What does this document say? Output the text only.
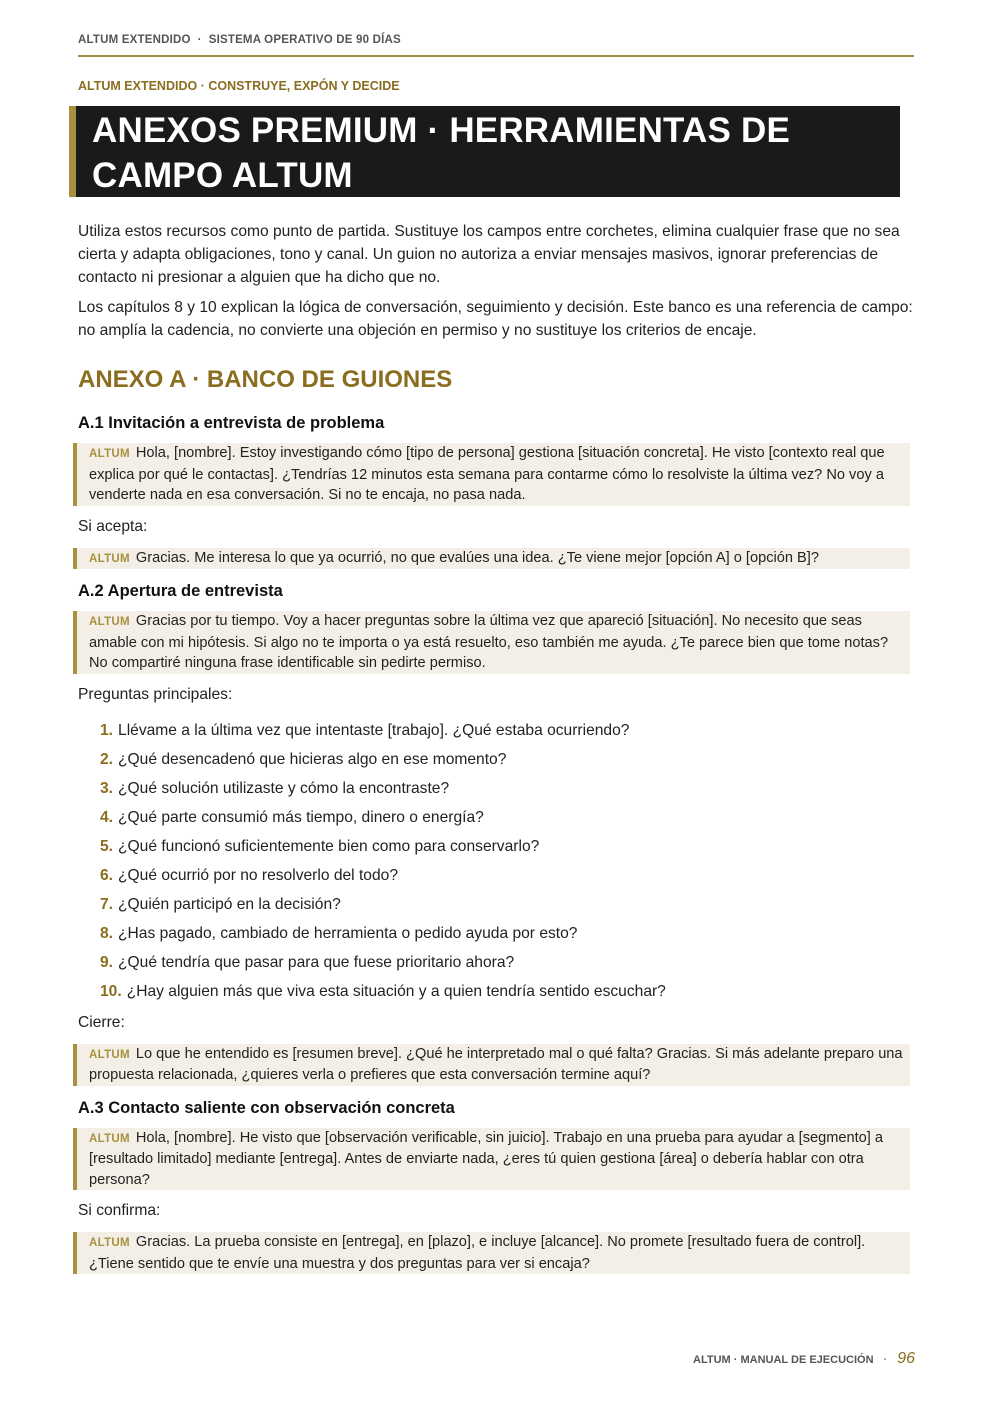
ALTUM EXTENDIDO · SISTEMA OPERATIVO DE 90 DÍAS
ALTUM EXTENDIDO · CONSTRUYE, EXPÓN Y DECIDE
ANEXOS PREMIUM · HERRAMIENTAS DE CAMPO ALTUM

Utiliza estos recursos como punto de partida. Sustituye los campos entre corchetes, elimina cualquier frase que no sea cierta y adapta obligaciones, tono y canal. Un guion no autoriza a enviar mensajes masivos, ignorar preferencias de contacto ni presionar a alguien que ha dicho que no.

Los capítulos 8 y 10 explican la lógica de conversación, seguimiento y decisión. Este banco es una referencia de campo: no amplía la cadencia, no convierte una objeción en permiso y no sustituye los criterios de encaje.

ANEXO A · BANCO DE GUIONES
A.1 Invitación a entrevista de problema
ALTUM Hola, [nombre]. Estoy investigando cómo [tipo de persona] gestiona [situación concreta]. He visto [contexto real que explica por qué le contactas]. ¿Tendrías 12 minutos esta semana para contarme cómo lo resolviste la última vez? No voy a venderte nada en esa conversación. Si no te encaja, no pasa nada.
Si acepta:
ALTUM Gracias. Me interesa lo que ya ocurrió, no que evalúes una idea. ¿Te viene mejor [opción A] o [opción B]?
A.2 Apertura de entrevista
ALTUM Gracias por tu tiempo. Voy a hacer preguntas sobre la última vez que apareció [situación]. No necesito que seas amable con mi hipótesis. Si algo no te importa o ya está resuelto, eso también me ayuda. ¿Te parece bien que tome notas? No compartiré ninguna frase identificable sin pedirte permiso.
Preguntas principales:
1. Llévame a la última vez que intentaste [trabajo]. ¿Qué estaba ocurriendo?
2. ¿Qué desencadenó que hicieras algo en ese momento?
3. ¿Qué solución utilizaste y cómo la encontraste?
4. ¿Qué parte consumió más tiempo, dinero o energía?
5. ¿Qué funcionó suficientemente bien como para conservarlo?
6. ¿Qué ocurrió por no resolverlo del todo?
7. ¿Quién participó en la decisión?
8. ¿Has pagado, cambiado de herramienta o pedido ayuda por esto?
9. ¿Qué tendría que pasar para que fuese prioritario ahora?
10. ¿Hay alguien más que viva esta situación y a quien tendría sentido escuchar?
Cierre:
ALTUM Lo que he entendido es [resumen breve]. ¿Qué he interpretado mal o qué falta? Gracias. Si más adelante preparo una propuesta relacionada, ¿quieres verla o prefieres que esta conversación termine aquí?
A.3 Contacto saliente con observación concreta
ALTUM Hola, [nombre]. He visto que [observación verificable, sin juicio]. Trabajo en una prueba para ayudar a [segmento] a [resultado limitado] mediante [entrega]. Antes de enviarte nada, ¿eres tú quien gestiona [área] o debería hablar con otra persona?
Si confirma:
ALTUM Gracias. La prueba consiste en [entrega], en [plazo], e incluye [alcance]. No promete [resultado fuera de control]. ¿Tiene sentido que te envíe una muestra y dos preguntas para ver si encaja?
ALTUM · MANUAL DE EJECUCIÓN · 96
